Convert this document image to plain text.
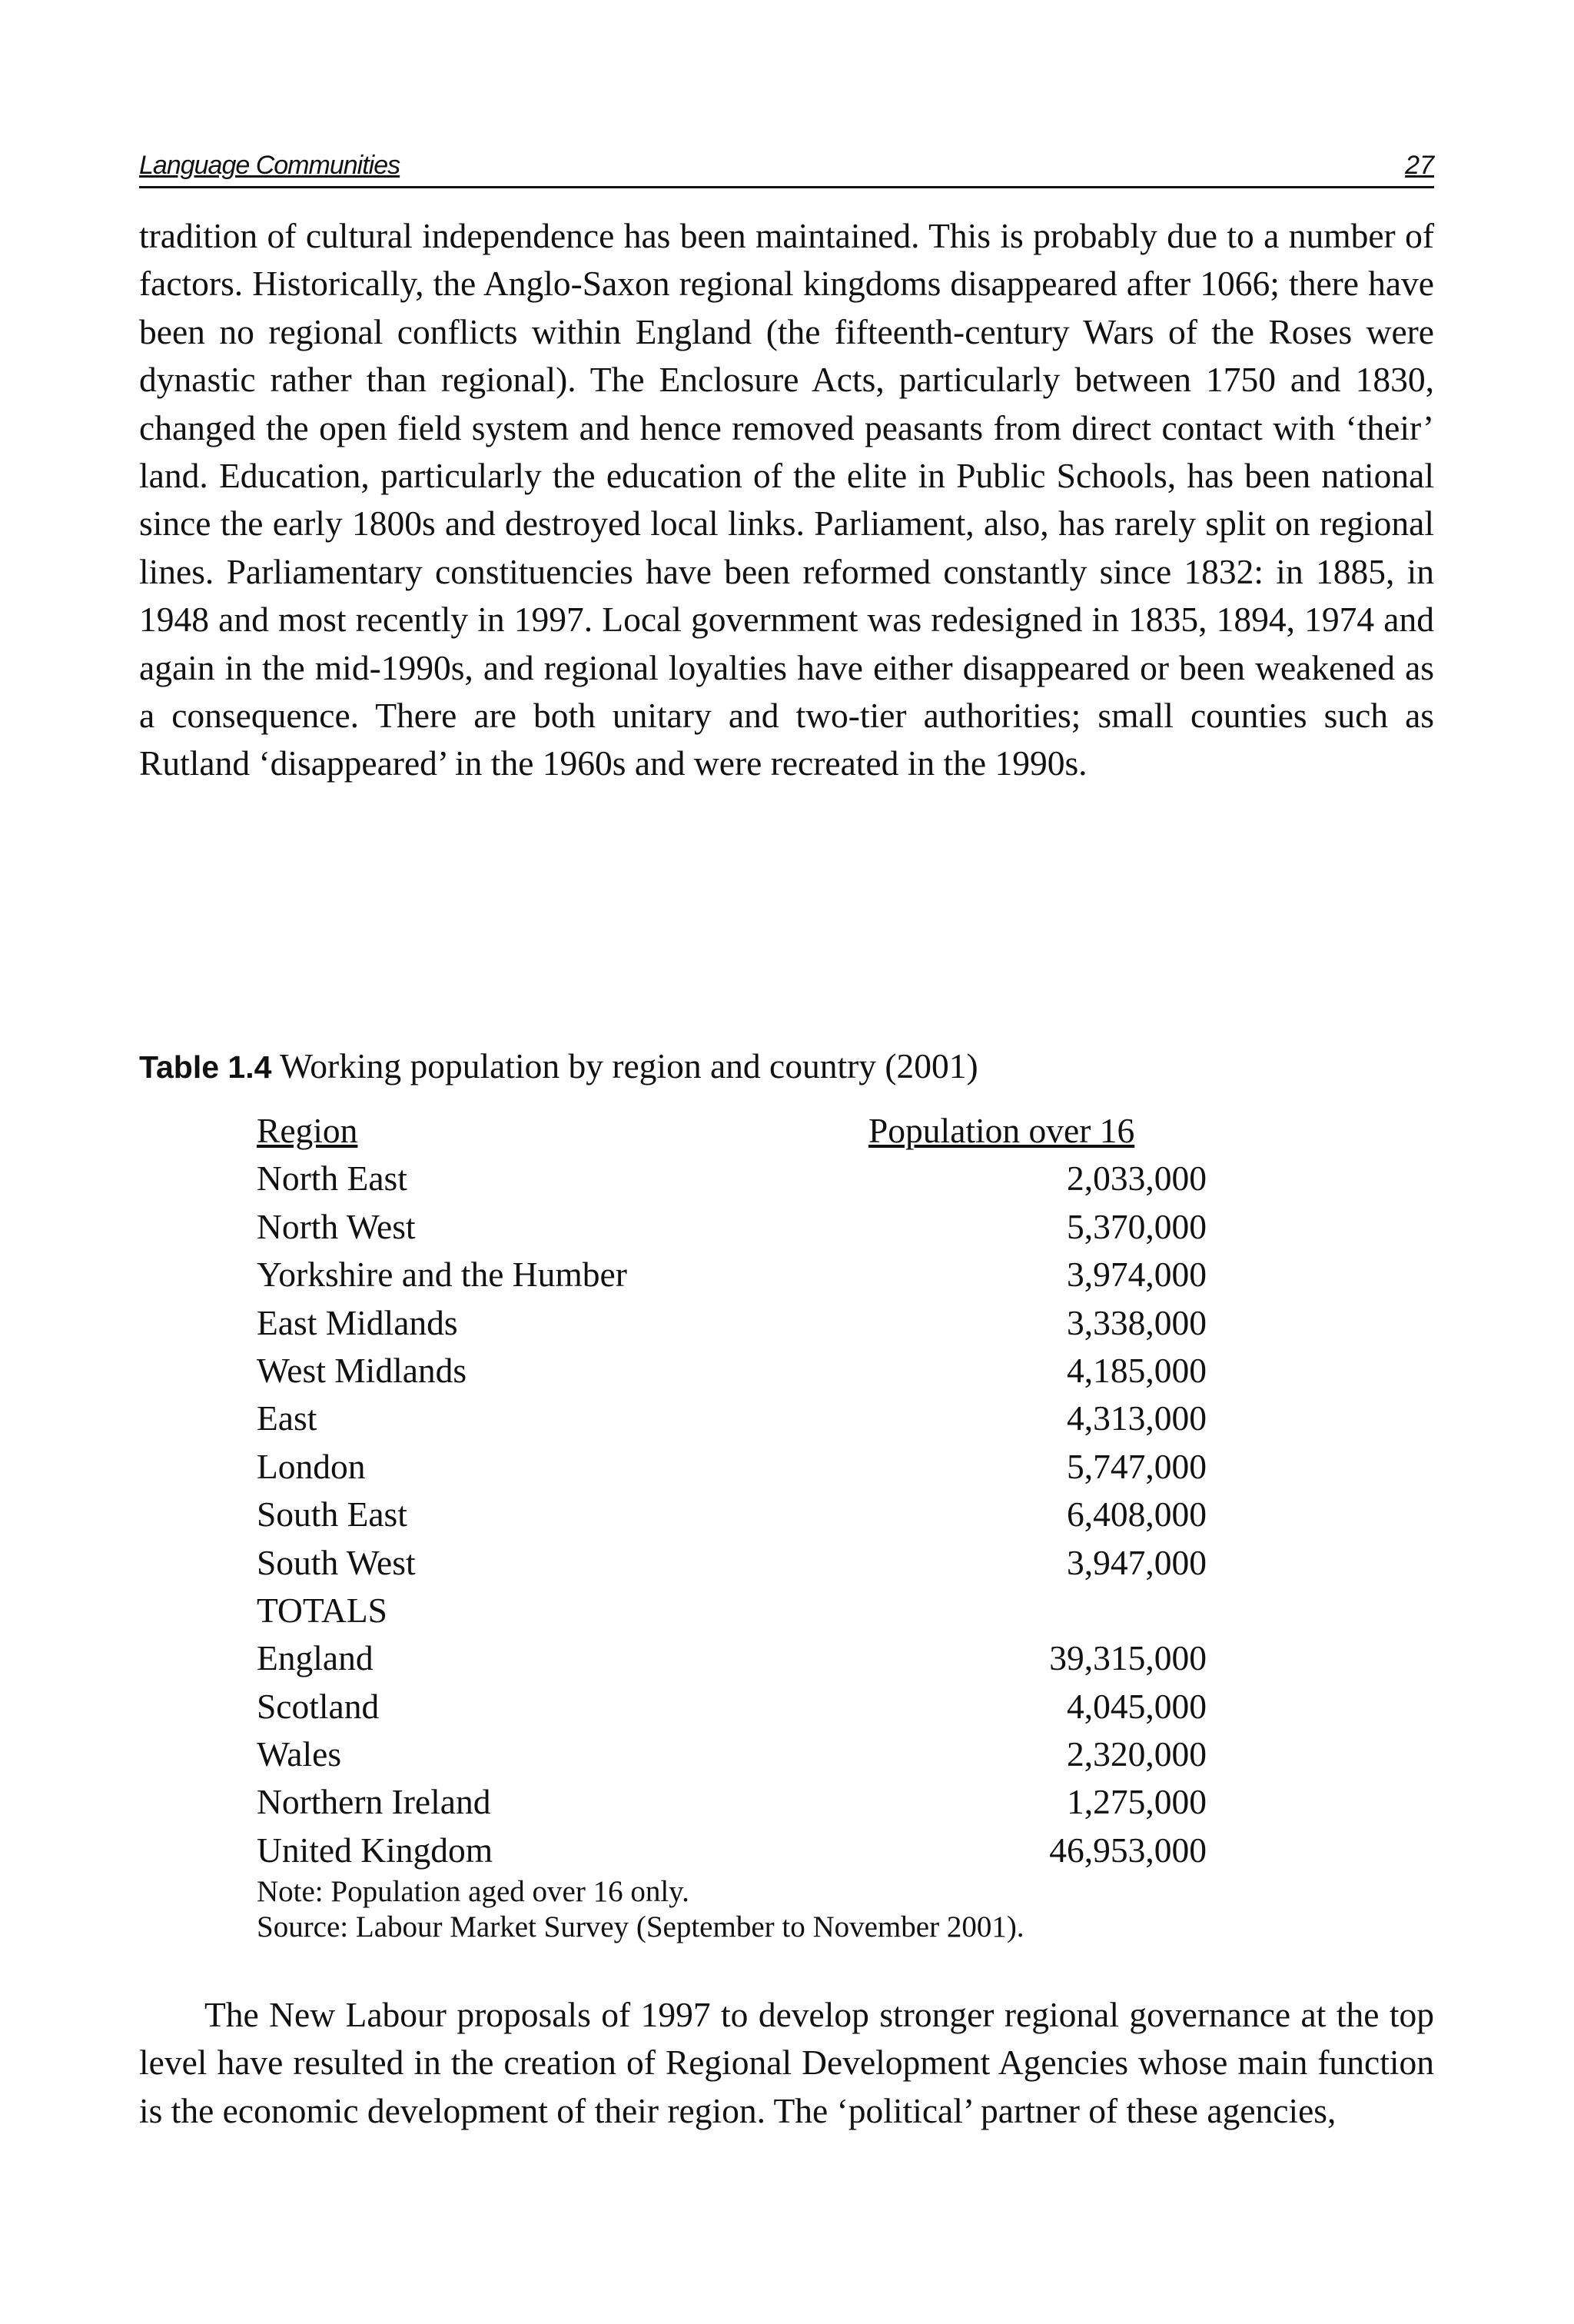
Language Communities	27

tradition of cultural independence has been maintained. This is probably due to a number of factors. Historically, the Anglo-Saxon regional kingdoms disappeared after 1066; there have been no regional conflicts within England (the fifteenth-century Wars of the Roses were dynastic rather than regional). The Enclosure Acts, particularly between 1750 and 1830, changed the open field system and hence removed peasants from direct contact with ‘their’ land. Education, particularly the education of the elite in Public Schools, has been national since the early 1800s and destroyed local links. Parliament, also, has rarely split on regional lines. Parliamentary constituencies have been reformed constantly since 1832: in 1885, in 1948 and most recently in 1997. Local government was redesigned in 1835, 1894, 1974 and again in the mid-1990s, and regional loyalties have either disappeared or been weakened as a consequence. There are both unitary and two-tier authorities; small counties such as Rutland ‘disappeared’ in the 1960s and were recreated in the 1990s.

Table 1.4 Working population by region and country (2001)
Region	Population over 16
North East	2,033,000
North West	5,370,000
Yorkshire and the Humber	3,974,000
East Midlands	3,338,000
West Midlands	4,185,000
East	4,313,000
London	5,747,000
South East	6,408,000
South West	3,947,000
TOTALS
England	39,315,000
Scotland	4,045,000
Wales	2,320,000
Northern Ireland	1,275,000
United Kingdom	46,953,000
Note: Population aged over 16 only.
Source: Labour Market Survey (September to November 2001).

The New Labour proposals of 1997 to develop stronger regional governance at the top level have resulted in the creation of Regional Development Agencies whose main function is the economic development of their region. The ‘political’ partner of these agencies,
